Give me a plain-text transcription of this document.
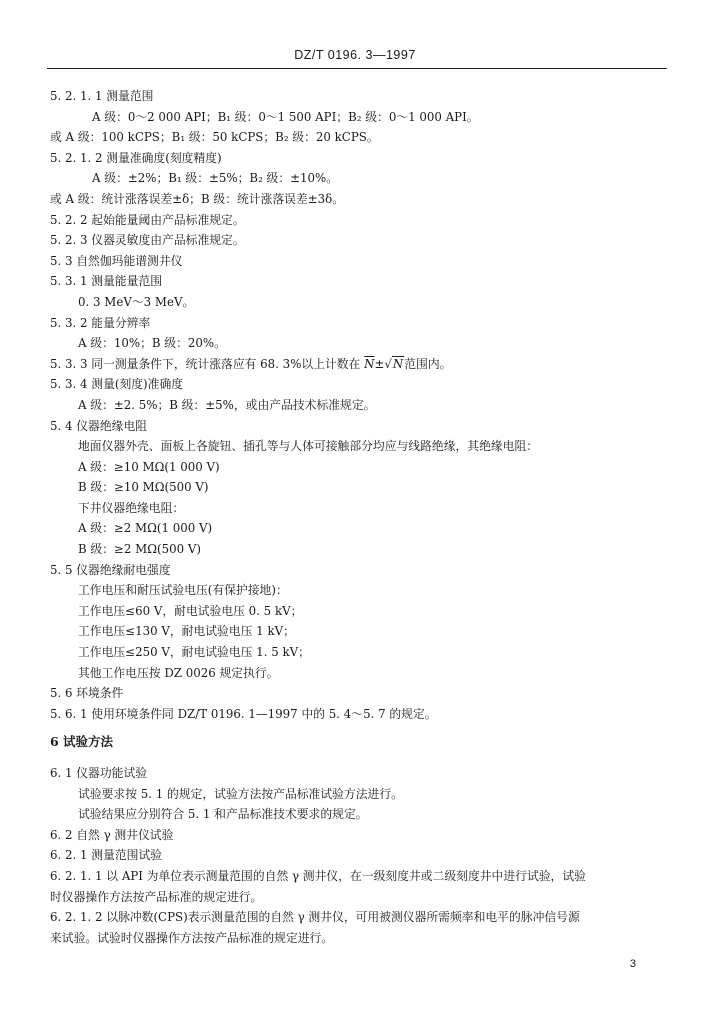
DZ/T 0196. 3—1997
5. 2. 1. 1 测量范围
A 级：0～2 000 API；B₁ 级：0～1 500 API；B₂ 级：0～1 000 API。
或 A 级：100 kCPS；B₁ 级：50 kCPS；B₂ 级：20 kCPS。
5. 2. 1. 2 测量准确度(刻度精度)
A 级：±2%；B₁ 级：±5%；B₂ 级：±10%。
或 A 级：统计涨落误差±δ；B 级：统计涨落误差±3δ。
5. 2. 2 起始能量阈由产品标准规定。
5. 2. 3 仪器灵敏度由产品标准规定。
5. 3 自然伽玛能谱测井仪
5. 3. 1 测量能量范围
0. 3 MeV～3 MeV。
5. 3. 2 能量分辨率
A 级：10%；B 级：20%。
5. 3. 3 同一测量条件下，统计涨落应有 68. 3%以上计数在 $\overline{N}\pm√N$范围内。
5. 3. 4 测量(刻度)准确度
A 级：±2. 5%；B 级：±5%，或由产品技术标准规定。
5. 4 仪器绝缘电阻
地面仪器外壳、面板上各旋钮、插孔等与人体可接触部分均应与线路绝缘，其绝缘电阻：
A 级：≥10 MΩ(1 000 V)
B 级：≥10 MΩ(500 V)
下井仪器绝缘电阻：
A 级：≥2 MΩ(1 000 V)
B 级：≥2 MΩ(500 V)
5. 5 仪器绝缘耐电强度
工作电压和耐压试验电压(有保护接地)：
工作电压≤60 V，耐电试验电压 0. 5 kV；
工作电压≤130 V，耐电试验电压 1 kV；
工作电压≤250 V，耐电试验电压 1. 5 kV；
其他工作电压按 DZ 0026 规定执行。
5. 6 环境条件
5. 6. 1 使用环境条件同 DZ/T 0196. 1—1997 中的 5. 4～5. 7 的规定。
6 试验方法
6. 1 仪器功能试验
试验要求按 5. 1 的规定，试验方法按产品标准试验方法进行。
试验结果应分别符合 5. 1 和产品标准技术要求的规定。
6. 2 自然 γ 测井仪试验
6. 2. 1 测量范围试验
6. 2. 1. 1 以 API 为单位表示测量范围的自然 γ 测井仪，在一级刻度井或二级刻度井中进行试验，试验
时仪器操作方法按产品标准的规定进行。
6. 2. 1. 2 以脉冲数(CPS)表示测量范围的自然 γ 测井仪，可用被测仪器所需频率和电平的脉冲信号源
来试验。试验时仪器操作方法按产品标准的规定进行。
3
